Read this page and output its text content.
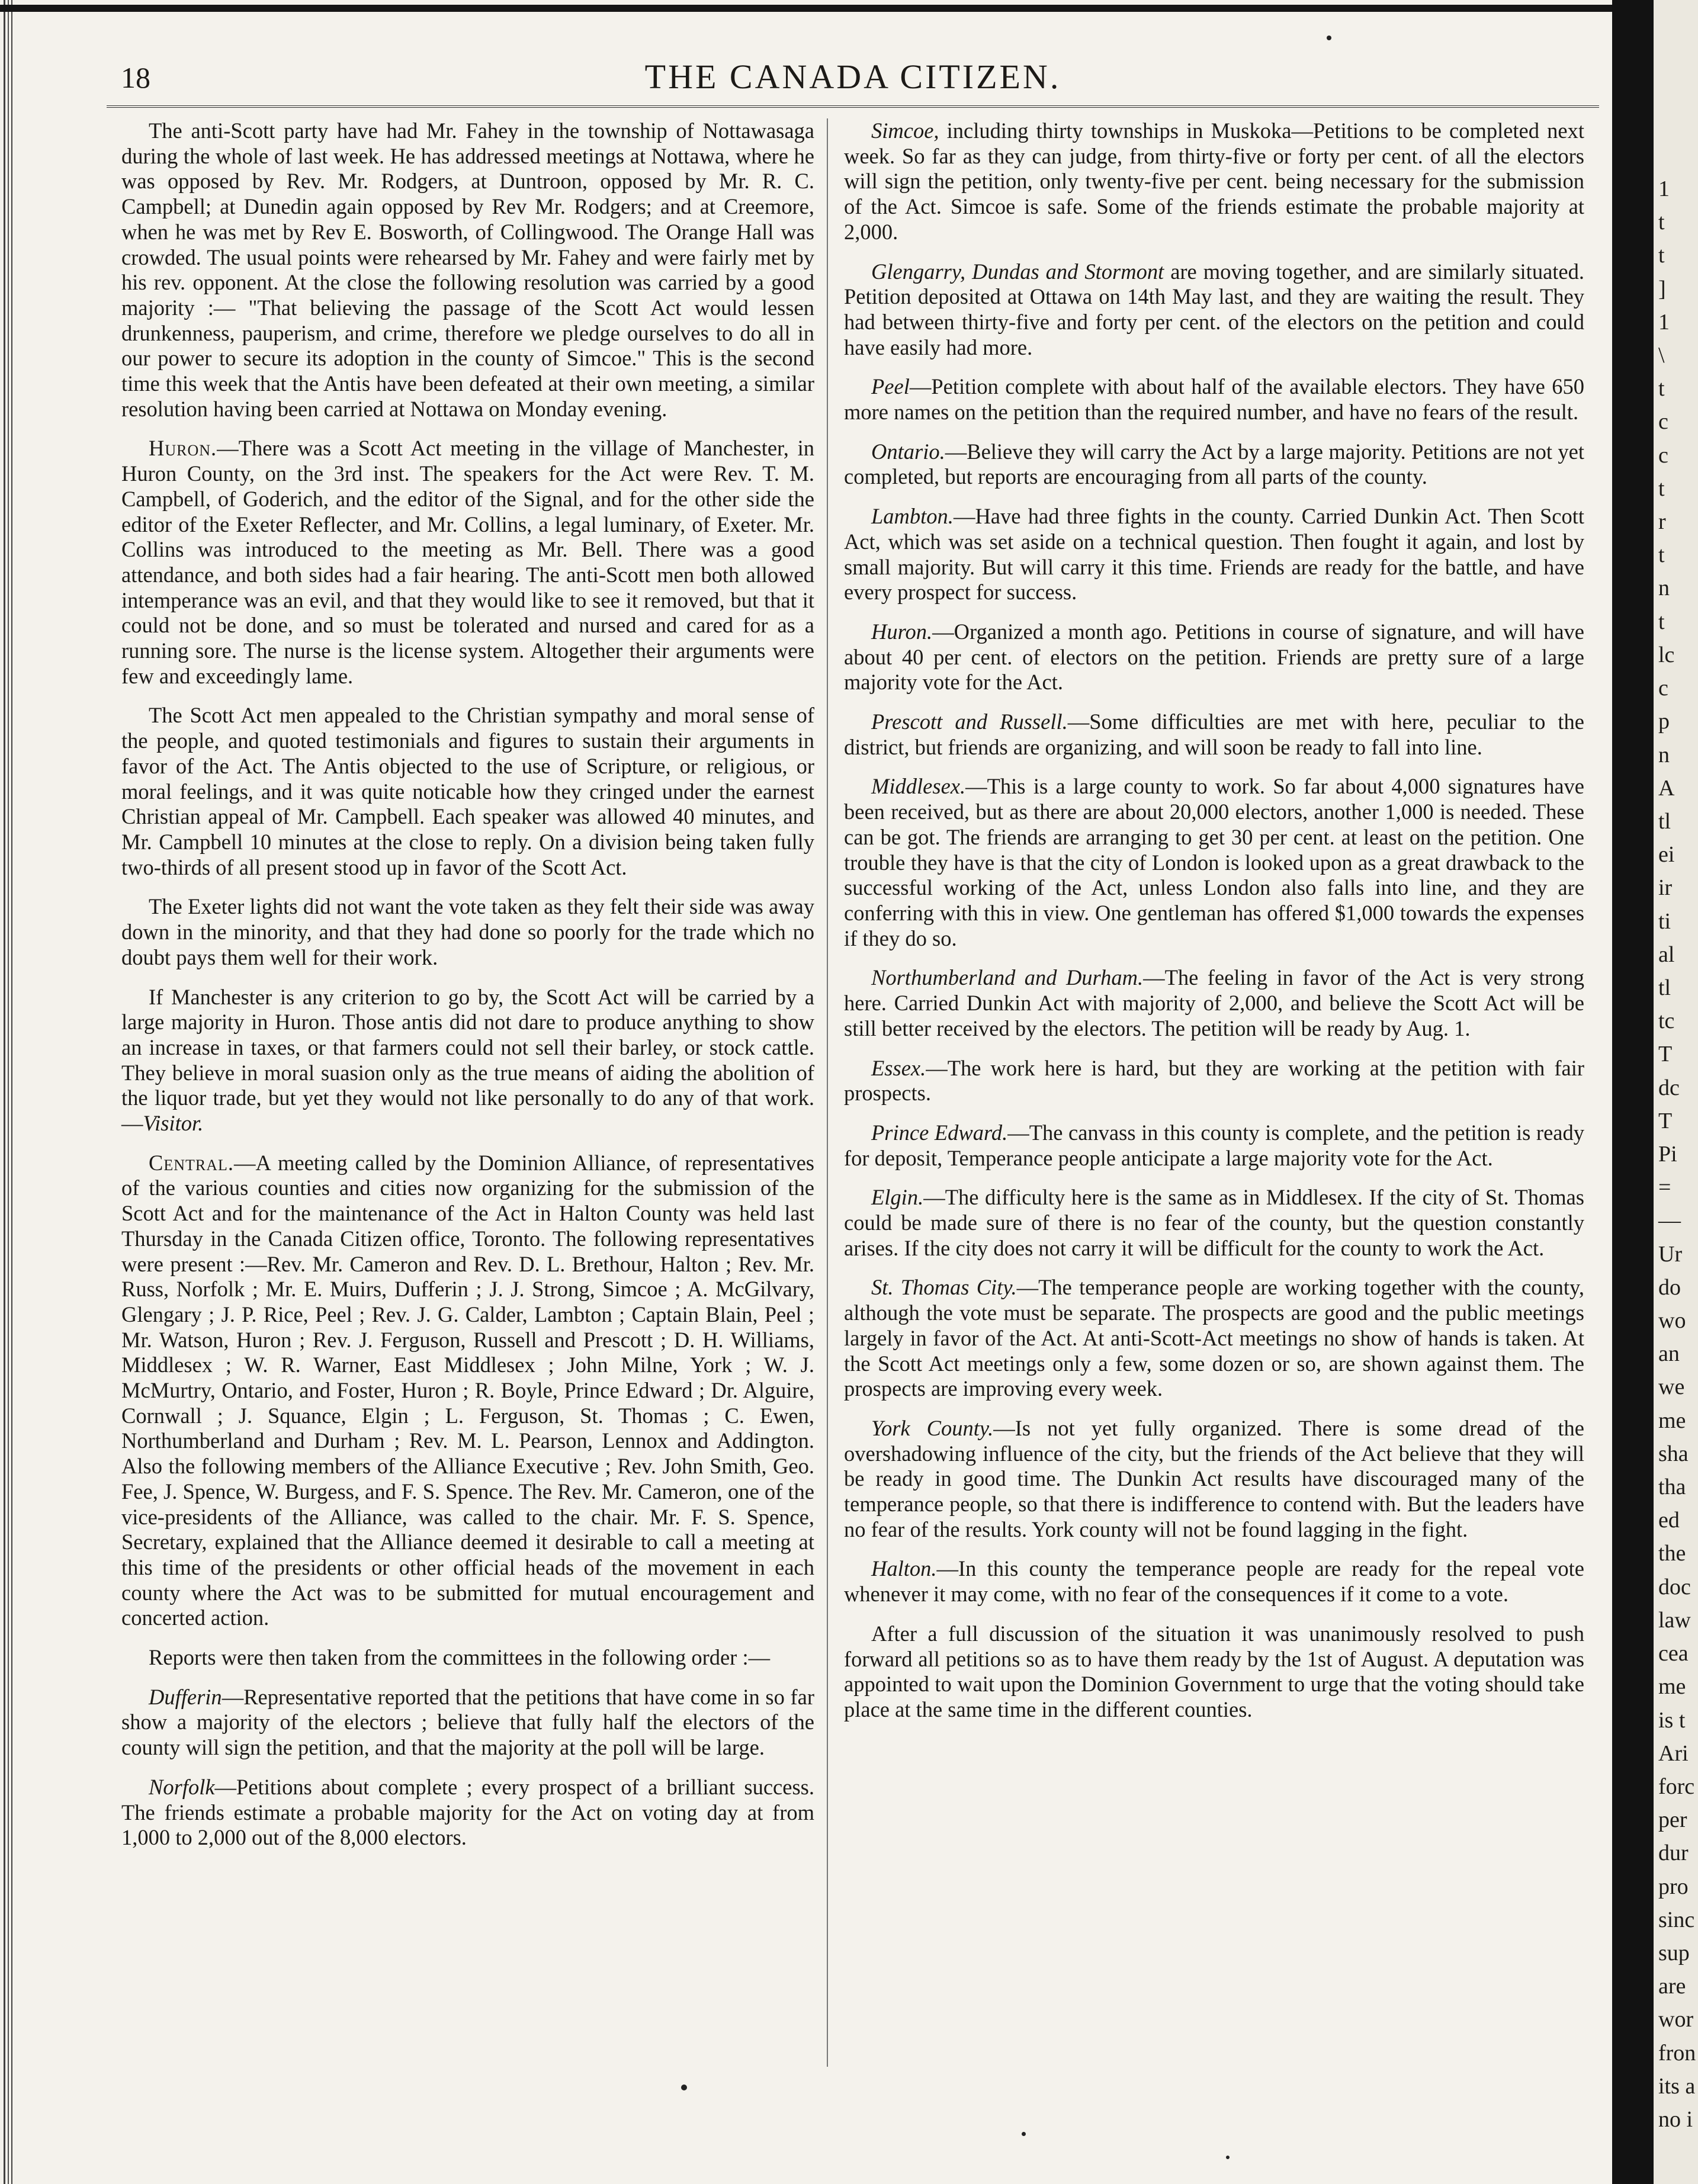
18	THE CANADA CITIZEN.

The anti-Scott party have had Mr. Fahey in the township of Nottawasaga during the whole of last week. He has addressed meetings at Nottawa, where he was opposed by Rev. Mr. Rodgers, at Duntroon, opposed by Mr. R. C. Campbell; at Dunedin again opposed by Rev Mr. Rodgers; and at Creemore, when he was met by Rev E. Bosworth, of Collingwood. The Orange Hall was crowded. The usual points were rehearsed by Mr. Fahey and were fairly met by his rev. opponent. At the close the following resolution was carried by a good majority :— "That believing the passage of the Scott Act would lessen drunkenness, pauperism, and crime, therefore we pledge ourselves to do all in our power to secure its adoption in the county of Simcoe." This is the second time this week that the Antis have been defeated at their own meeting, a similar resolution having been carried at Nottawa on Monday evening.

Huron.—There was a Scott Act meeting in the village of Manchester, in Huron County, on the 3rd inst. The speakers for the Act were Rev. T. M. Campbell, of Goderich, and the editor of the Signal, and for the other side the editor of the Exeter Reflecter, and Mr. Collins, a legal luminary, of Exeter. Mr. Collins was introduced to the meeting as Mr. Bell. There was a good attendance, and both sides had a fair hearing. The anti-Scott men both allowed intemperance was an evil, and that they would like to see it removed, but that it could not be done, and so must be tolerated and nursed and cared for as a running sore. The nurse is the license system. Altogether their arguments were few and exceedingly lame.

The Scott Act men appealed to the Christian sympathy and moral sense of the people, and quoted testimonials and figures to sustain their arguments in favor of the Act. The Antis objected to the use of Scripture, or religious, or moral feelings, and it was quite noticable how they cringed under the earnest Christian appeal of Mr. Campbell. Each speaker was allowed 40 minutes, and Mr. Campbell 10 minutes at the close to reply. On a division being taken fully two-thirds of all present stood up in favor of the Scott Act.

The Exeter lights did not want the vote taken as they felt their side was away down in the minority, and that they had done so poorly for the trade which no doubt pays them well for their work.

If Manchester is any criterion to go by, the Scott Act will be carried by a large majority in Huron. Those antis did not dare to produce anything to show an increase in taxes, or that farmers could not sell their barley, or stock cattle. They believe in moral suasion only as the true means of aiding the abolition of the liquor trade, but yet they would not like personally to do any of that work.—Visitor.

Central.—A meeting called by the Dominion Alliance, of representatives of the various counties and cities now organizing for the submission of the Scott Act and for the maintenance of the Act in Halton County was held last Thursday in the Canada Citizen office, Toronto. The following representatives were present :—Rev. Mr. Cameron and Rev. D. L. Brethour, Halton ; Rev. Mr. Russ, Norfolk ; Mr. E. Muirs, Dufferin ; J. J. Strong, Simcoe ; A. McGilvary, Glengary ; J. P. Rice, Peel ; Rev. J. G. Calder, Lambton ; Captain Blain, Peel ; Mr. Watson, Huron ; Rev. J. Ferguson, Russell and Prescott ; D. H. Williams, Middlesex ; W. R. Warner, East Middlesex ; John Milne, York ; W. J. McMurtry, Ontario, and Foster, Huron ; R. Boyle, Prince Edward ; Dr. Alguire, Cornwall ; J. Squance, Elgin ; L. Ferguson, St. Thomas ; C. Ewen, Northumberland and Durham ; Rev. M. L. Pearson, Lennox and Addington. Also the following members of the Alliance Executive ; Rev. John Smith, Geo. Fee, J. Spence, W. Burgess, and F. S. Spence. The Rev. Mr. Cameron, one of the vice-presidents of the Alliance, was called to the chair. Mr. F. S. Spence, Secretary, explained that the Alliance deemed it desirable to call a meeting at this time of the presidents or other official heads of the movement in each county where the Act was to be submitted for mutual encouragement and concerted action.

Reports were then taken from the committees in the following order :—

Dufferin—Representative reported that the petitions that have come in so far show a majority of the electors ; believe that fully half the electors of the county will sign the petition, and that the majority at the poll will be large.

Norfolk—Petitions about complete ; every prospect of a brilliant success. The friends estimate a probable majority for the Act on voting day at from 1,000 to 2,000 out of the 8,000 electors.

Simcoe, including thirty townships in Muskoka—Petitions to be completed next week. So far as they can judge, from thirty-five or forty per cent. of all the electors will sign the petition, only twenty-five per cent. being necessary for the submission of the Act. Simcoe is safe. Some of the friends estimate the probable majority at 2,000.

Glengarry, Dundas and Stormont are moving together, and are similarly situated. Petition deposited at Ottawa on 14th May last, and they are waiting the result. They had between thirty-five and forty per cent. of the electors on the petition and could have easily had more.

Peel—Petition complete with about half of the available electors. They have 650 more names on the petition than the required number, and have no fears of the result.

Ontario.—Believe they will carry the Act by a large majority. Petitions are not yet completed, but reports are encouraging from all parts of the county.

Lambton.—Have had three fights in the county. Carried Dunkin Act. Then Scott Act, which was set aside on a technical question. Then fought it again, and lost by small majority. But will carry it this time. Friends are ready for the battle, and have every prospect for success.

Huron.—Organized a month ago. Petitions in course of signature, and will have about 40 per cent. of electors on the petition. Friends are pretty sure of a large majority vote for the Act.

Prescott and Russell.—Some difficulties are met with here, peculiar to the district, but friends are organizing, and will soon be ready to fall into line.

Middlesex.—This is a large county to work. So far about 4,000 signatures have been received, but as there are about 20,000 electors, another 1,000 is needed. These can be got. The friends are arranging to get 30 per cent. at least on the petition. One trouble they have is that the city of London is looked upon as a great drawback to the successful working of the Act, unless London also falls into line, and they are conferring with this in view. One gentleman has offered $1,000 towards the expenses if they do so.

Northumberland and Durham.—The feeling in favor of the Act is very strong here. Carried Dunkin Act with majority of 2,000, and believe the Scott Act will be still better received by the electors. The petition will be ready by Aug. 1.

Essex.—The work here is hard, but they are working at the petition with fair prospects.

Prince Edward.—The canvass in this county is complete, and the petition is ready for deposit, Temperance people anticipate a large majority vote for the Act.

Elgin.—The difficulty here is the same as in Middlesex. If the city of St. Thomas could be made sure of there is no fear of the county, but the question constantly arises. If the city does not carry it will be difficult for the county to work the Act.

St. Thomas City.—The temperance people are working together with the county, although the vote must be separate. The prospects are good and the public meetings largely in favor of the Act. At anti-Scott-Act meetings no show of hands is taken. At the Scott Act meetings only a few, some dozen or so, are shown against them. The prospects are improving every week.

York County.—Is not yet fully organized. There is some dread of the overshadowing influence of the city, but the friends of the Act believe that they will be ready in good time. The Dunkin Act results have discouraged many of the temperance people, so that there is indifference to contend with. But the leaders have no fear of the results. York county will not be found lagging in the fight.

Halton.—In this county the temperance people are ready for the repeal vote whenever it may come, with no fear of the consequences if it come to a vote.

After a full discussion of the situation it was unanimously resolved to push forward all petitions so as to have them ready by the 1st of August. A deputation was appointed to wait upon the Dominion Government to urge that the voting should take place at the same time in the different counties.

1
t
t
]
1
\
t
c
c
t
r
t
n
t
lc
c
p
n
A
tl
ei
ir
ti
al
tl
tc
T
dc
T
Pi
=
—
Ur
do
wo
an
we
me
sha
tha
ed
the
doc
law
cea
me
is t
Ari
forc
per
dur
pro
sinc
sup
are
wor
fron
its a
no i
